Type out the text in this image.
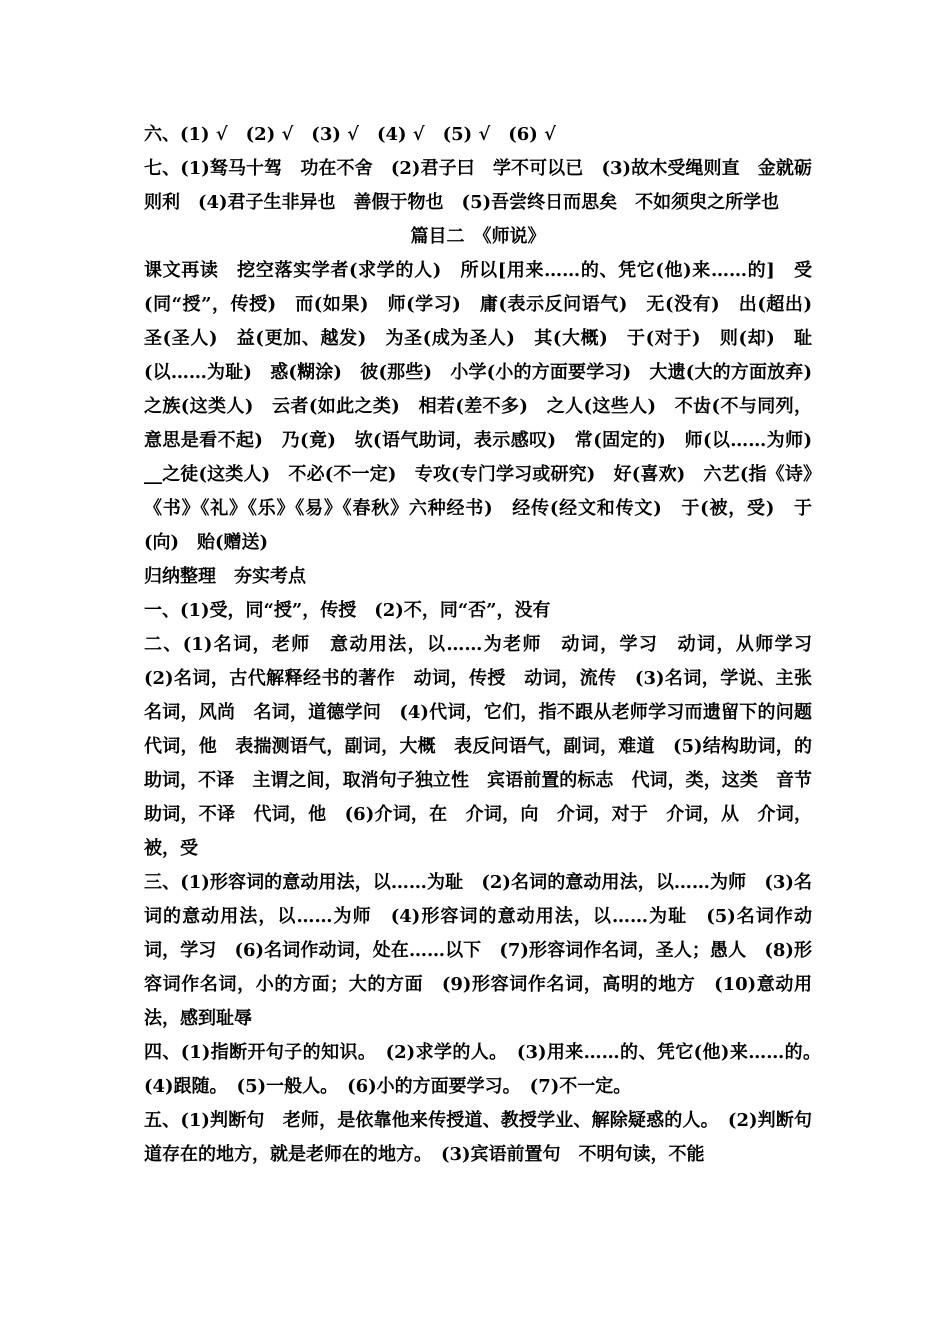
六、(1) √　(2) √　(3) √　(4) √　(5) √　(6) √

七、(1)驽马十驾　功在不舍　(2)君子曰　学不可以已　(3)故木受绳则直　金就砺则利　(4)君子生非异也　善假于物也　(5)吾尝终日而思矣　不如须臾之所学也

篇目二　《师说》

课文再读　挖空落实学者(求学的人)　所以[用来……的、凭它(他)来……的]　受(同“授”，传授)　而(如果)　师(学习)　庸(表示反问语气)　无(没有)　出(超出)　圣(圣人)　益(更加、越发)　为圣(成为圣人)　其(大概)　于(对于)　则(却)　耻(以……为耻)　惑(糊涂)　彼(那些)　小学(小的方面要学习)　大遗(大的方面放弃)　之族(这类人)　云者(如此之类)　相若(差不多)　之人(这些人)　不齿(不与同列，意思是看不起)　乃(竟)　欤(语气助词，表示感叹)　常(固定的)　师(以……为师)　__之徒(这类人)　不必(不一定)　专攻(专门学习或研究)　好(喜欢)　六艺(指《诗》《书》《礼》《乐》《易》《春秋》六种经书)　经传(经文和传文)　于(被，受)　于(向)　贻(赠送)

归纳整理　夯实考点

一、(1)受，同“授”，传授　(2)不，同“否”，没有

二、(1)名词，老师　意动用法，以……为老师　动词，学习　动词，从师学习　(2)名词，古代解释经书的著作　动词，传授　动词，流传　(3)名词，学说、主张　名词，风尚　名词，道德学问　(4)代词，它们，指不跟从老师学习而遗留下的问题　代词，他　表揣测语气，副词，大概　表反问语气，副词，难道　(5)结构助词，的　助词，不译　主谓之间，取消句子独立性　宾语前置的标志　代词，类，这类　音节助词，不译　代词，他　(6)介词，在　介词，向　介词，对于　介词，从　介词，被，受

三、(1)形容词的意动用法，以……为耻　(2)名词的意动用法，以……为师　(3)名词的意动用法，以……为师　(4)形容词的意动用法，以……为耻　(5)名词作动词，学习　(6)名词作动词，处在……以下　(7)形容词作名词，圣人；愚人　(8)形容词作名词，小的方面；大的方面　(9)形容词作名词，高明的地方　(10)意动用法，感到耻辱

四、(1)指断开句子的知识。　(2)求学的人。　(3)用来……的、凭它(他)来……的。　(4)跟随。　(5)一般人。　(6)小的方面要学习。　(7)不一定。

五、(1)判断句　老师，是依靠他来传授道、教授学业、解除疑惑的人。　(2)判断句　道存在的地方，就是老师在的地方。　(3)宾语前置句　不明句读，不能
